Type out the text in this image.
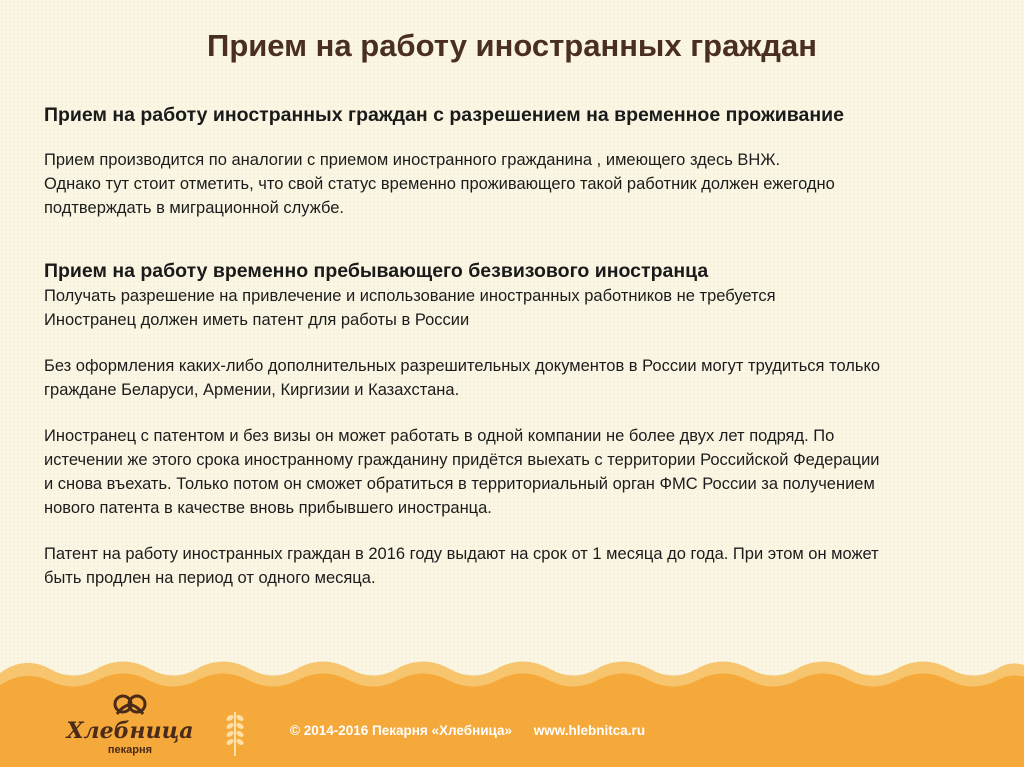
Прием на работу иностранных граждан
Прием на работу иностранных граждан с разрешением на временное проживание

Прием производится по аналогии с приемом иностранного гражданина , имеющего здесь ВНЖ.

Однако тут стоит отметить, что свой статус временно проживающего такой работник должен ежегодно

подтверждать в миграционной службе.

Прием на работу временно пребывающего безвизового иностранца

Получать разрешение на привлечение и использование иностранных работников не требуется

Иностранец должен иметь патент для работы в России

Без оформления каких-либо дополнительных разрешительных документов в России могут трудиться только

граждане Беларуси, Армении, Киргизии и Казахстана.

Иностранец с патентом и без визы он может работать в одной компании не более двух лет подряд. По

истечении же этого срока иностранному гражданину придётся выехать с территории Российской Федерации

и снова въехать. Только потом он сможет обратиться в территориальный орган ФМС России за получением

нового патента в качестве вновь прибывшего иностранца.

Патент на работу иностранных граждан в 2016 году выдают на срок от 1 месяца до года. При этом он может

быть продлен на период от одного месяца.

Хлебница
пекарня
© 2014-2016 Пекарня «Хлебница» www.hlebnitca.ru
